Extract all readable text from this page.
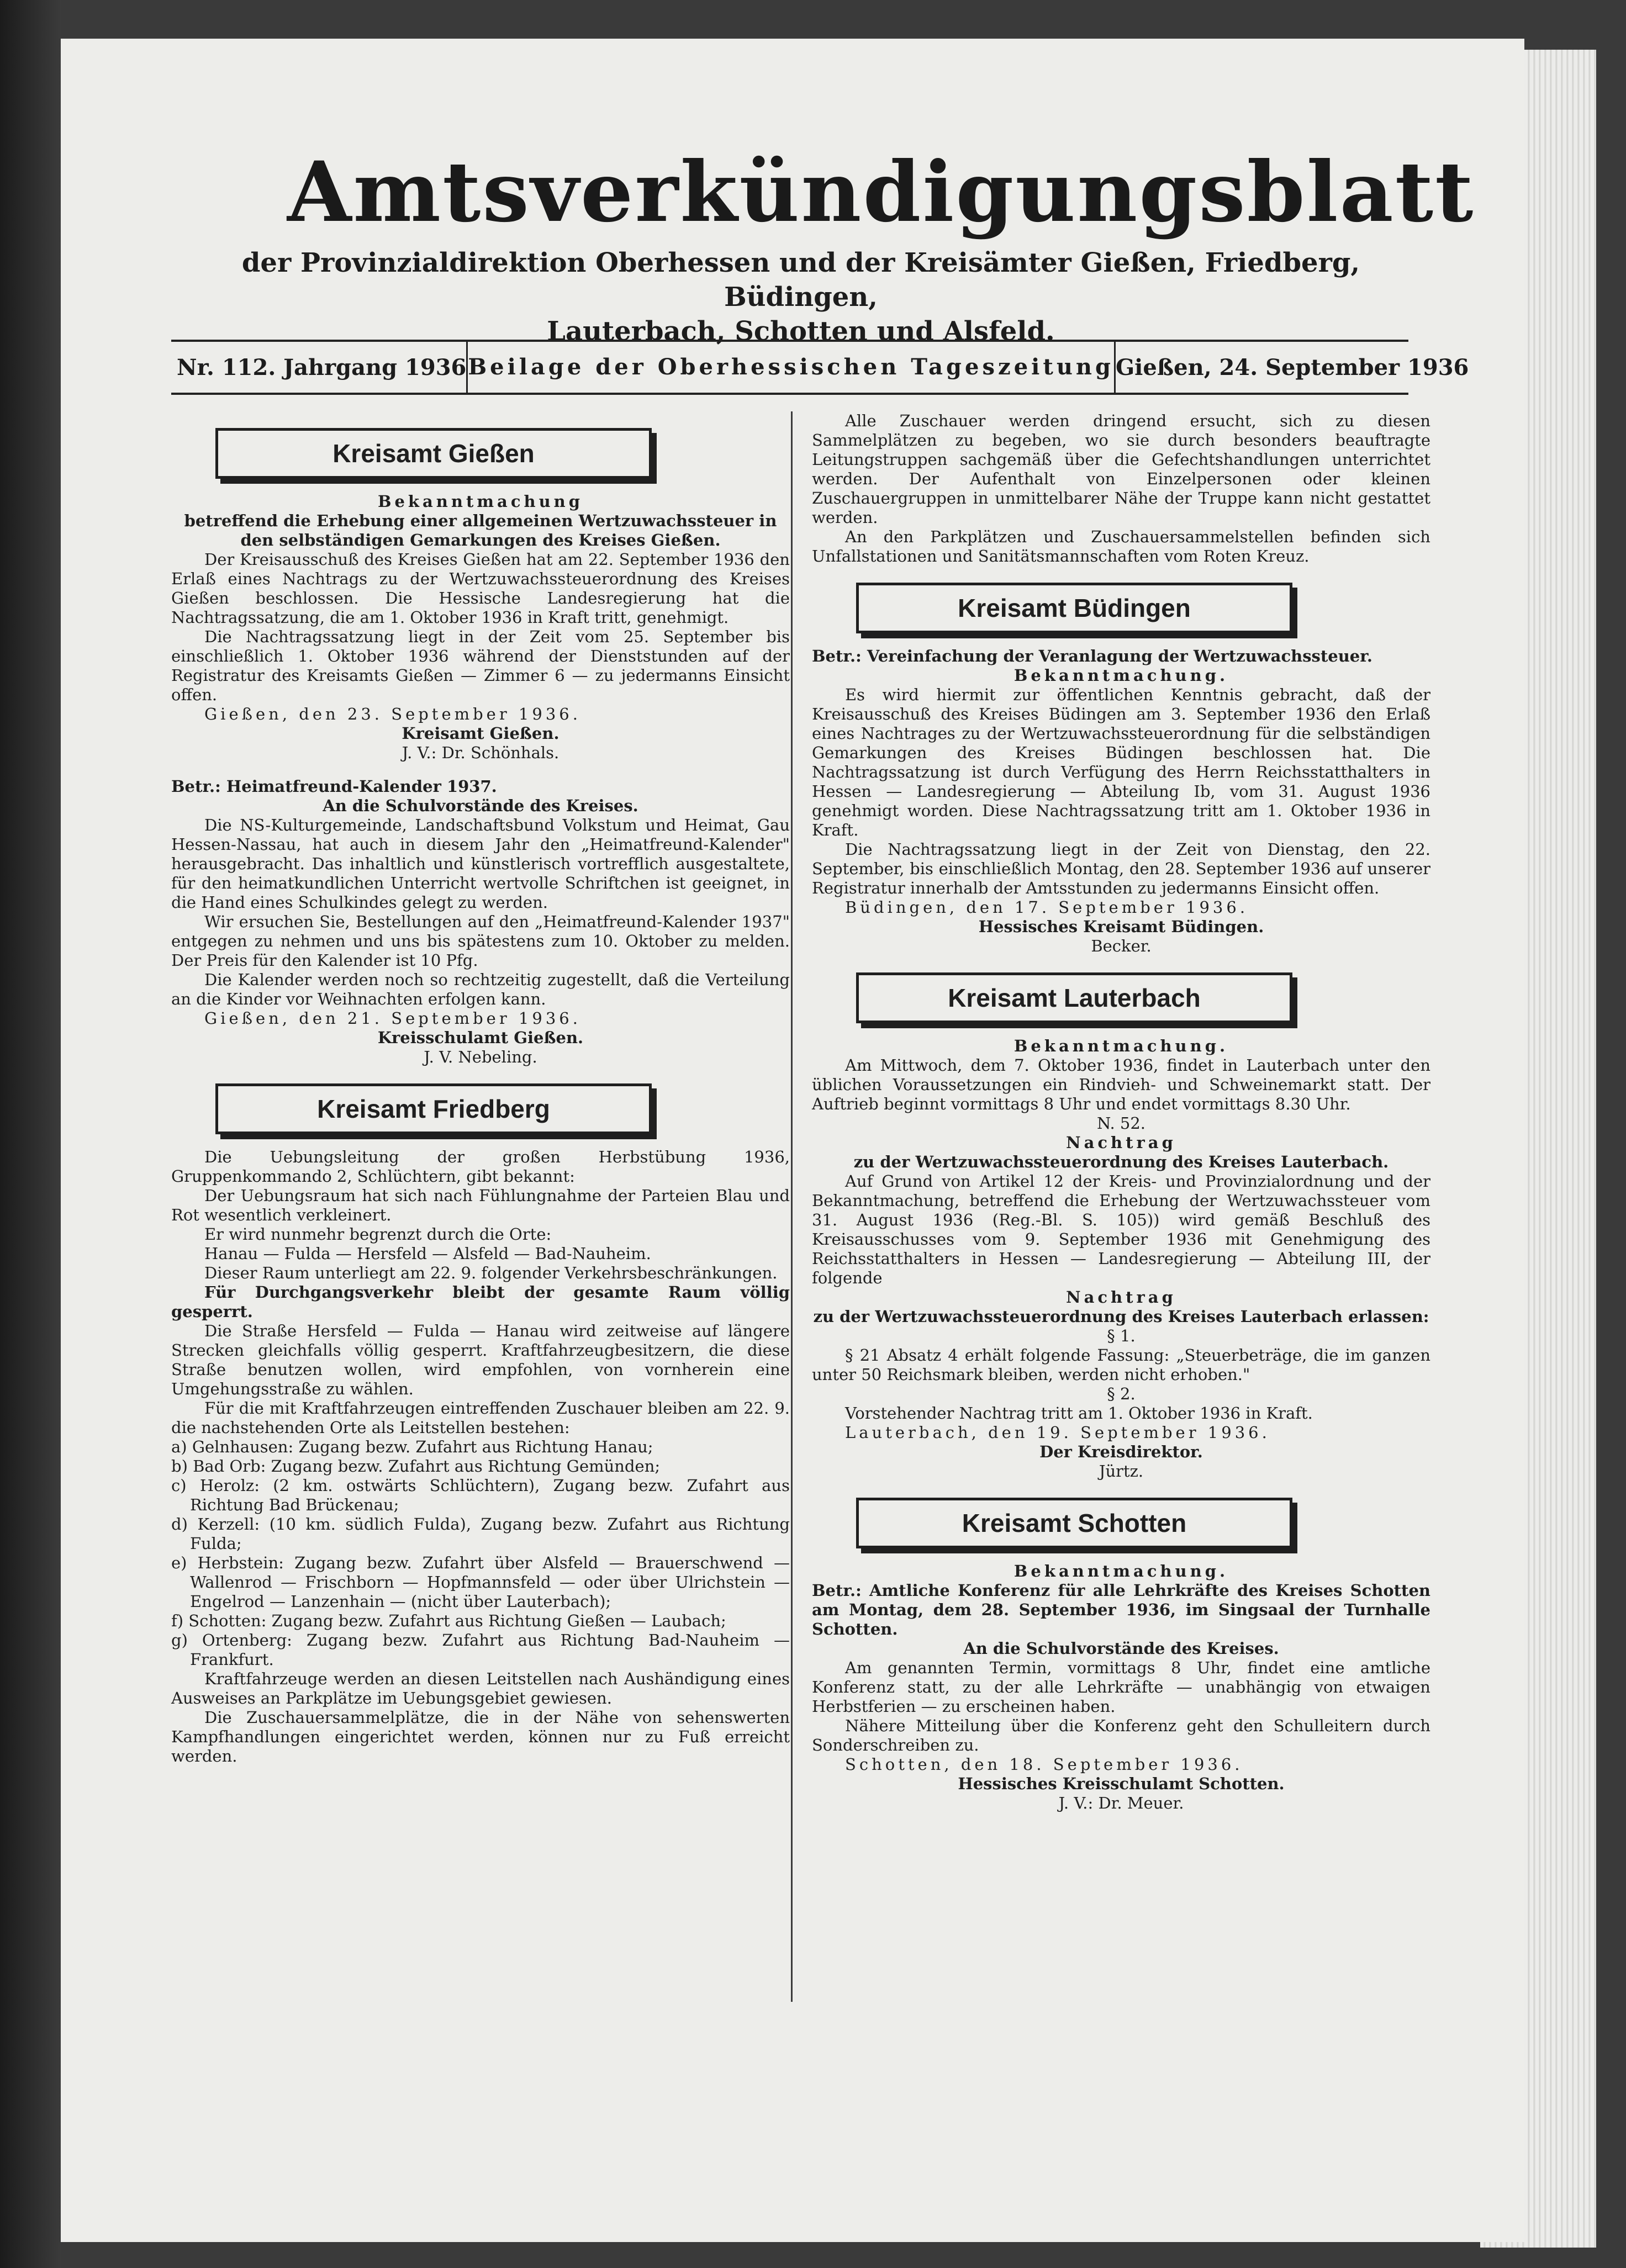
Amtsverkündigungsblatt
der Provinzialdirektion Oberhessen und der Kreisämter Gießen, Friedberg, Büdingen,
Lauterbach, Schotten und Alsfeld.
Nr. 112. Jahrgang 1936 Beilage der Oberhessischen Tageszeitung Gießen, 24. September 1936
Kreisamt Gießen

Bekanntmachung

betreffend die Erhebung einer allgemeinen Wertzuwachssteuer in den selbständigen Gemarkungen des Kreises Gießen.

Der Kreisausschuß des Kreises Gießen hat am 22. September 1936 den Erlaß eines Nachtrags zu der Wertzuwachssteuerordnung des Kreises Gießen beschlossen. Die Hessische Landesregierung hat die Nachtragssatzung, die am 1. Oktober 1936 in Kraft tritt, genehmigt.

Die Nachtragssatzung liegt in der Zeit vom 25. September bis einschließlich 1. Oktober 1936 während der Dienststunden auf der Registratur des Kreisamts Gießen — Zimmer 6 — zu jedermanns Einsicht offen.

Gießen, den 23. September 1936.

Kreisamt Gießen.

J. V.: Dr. Schönhals.

Betr.: Heimatfreund-Kalender 1937.

An die Schulvorstände des Kreises.

Die NS-Kulturgemeinde, Landschaftsbund Volkstum und Heimat, Gau Hessen-Nassau, hat auch in diesem Jahr den „Heimatfreund-Kalender" herausgebracht. Das inhaltlich und künstlerisch vortrefflich ausgestaltete, für den heimatkundlichen Unterricht wertvolle Schriftchen ist geeignet, in die Hand eines Schulkindes gelegt zu werden.

Wir ersuchen Sie, Bestellungen auf den „Heimatfreund-Kalender 1937" entgegen zu nehmen und uns bis spätestens zum 10. Oktober zu melden. Der Preis für den Kalender ist 10 Pfg.

Die Kalender werden noch so rechtzeitig zugestellt, daß die Verteilung an die Kinder vor Weihnachten erfolgen kann.

Gießen, den 21. September 1936.

Kreisschulamt Gießen.

J. V. Nebeling.

Kreisamt Friedberg

Die Uebungsleitung der großen Herbstübung 1936, Gruppenkommando 2, Schlüchtern, gibt bekannt:

Der Uebungsraum hat sich nach Fühlungnahme der Parteien Blau und Rot wesentlich verkleinert.

Er wird nunmehr begrenzt durch die Orte:

Hanau — Fulda — Hersfeld — Alsfeld — Bad-Nauheim.

Dieser Raum unterliegt am 22. 9. folgender Verkehrsbeschränkungen.

Für Durchgangsverkehr bleibt der gesamte Raum völlig gesperrt.

Die Straße Hersfeld — Fulda — Hanau wird zeitweise auf längere Strecken gleichfalls völlig gesperrt. Kraftfahrzeugbesitzern, die diese Straße benutzen wollen, wird empfohlen, von vornherein eine Umgehungsstraße zu wählen.

Für die mit Kraftfahrzeugen eintreffenden Zuschauer bleiben am 22. 9. die nachstehenden Orte als Leitstellen bestehen:

a) Gelnhausen: Zugang bezw. Zufahrt aus Richtung Hanau;

b) Bad Orb: Zugang bezw. Zufahrt aus Richtung Gemünden;

c) Herolz: (2 km. ostwärts Schlüchtern), Zugang bezw. Zufahrt aus Richtung Bad Brückenau;

d) Kerzell: (10 km. südlich Fulda), Zugang bezw. Zufahrt aus Richtung Fulda;

e) Herbstein: Zugang bezw. Zufahrt über Alsfeld — Brauerschwend — Wallenrod — Frischborn — Hopfmannsfeld — oder über Ulrichstein — Engelrod — Lanzenhain — (nicht über Lauterbach);

f) Schotten: Zugang bezw. Zufahrt aus Richtung Gießen — Laubach;

g) Ortenberg: Zugang bezw. Zufahrt aus Richtung Bad-Nauheim — Frankfurt.

Kraftfahrzeuge werden an diesen Leitstellen nach Aushändigung eines Ausweises an Parkplätze im Uebungsgebiet gewiesen.

Die Zuschauersammelplätze, die in der Nähe von sehenswerten Kampfhandlungen eingerichtet werden, können nur zu Fuß erreicht werden.

Alle Zuschauer werden dringend ersucht, sich zu diesen Sammelplätzen zu begeben, wo sie durch besonders beauftragte Leitungstruppen sachgemäß über die Gefechtshandlungen unterrichtet werden. Der Aufenthalt von Einzelpersonen oder kleinen Zuschauergruppen in unmittelbarer Nähe der Truppe kann nicht gestattet werden.

An den Parkplätzen und Zuschauersammelstellen befinden sich Unfallstationen und Sanitätsmannschaften vom Roten Kreuz.

Kreisamt Büdingen

Betr.: Vereinfachung der Veranlagung der Wertzuwachssteuer.

Bekanntmachung.

Es wird hiermit zur öffentlichen Kenntnis gebracht, daß der Kreisausschuß des Kreises Büdingen am 3. September 1936 den Erlaß eines Nachtrages zu der Wertzuwachssteuerordnung für die selbständigen Gemarkungen des Kreises Büdingen beschlossen hat. Die Nachtragssatzung ist durch Verfügung des Herrn Reichsstatthalters in Hessen — Landesregierung — Abteilung Ib, vom 31. August 1936 genehmigt worden. Diese Nachtragssatzung tritt am 1. Oktober 1936 in Kraft.

Die Nachtragssatzung liegt in der Zeit von Dienstag, den 22. September, bis einschließlich Montag, den 28. September 1936 auf unserer Registratur innerhalb der Amtsstunden zu jedermanns Einsicht offen.

Büdingen, den 17. September 1936.

Hessisches Kreisamt Büdingen.

Becker.

Kreisamt Lauterbach

Bekanntmachung.

Am Mittwoch, dem 7. Oktober 1936, findet in Lauterbach unter den üblichen Voraussetzungen ein Rindvieh- und Schweinemarkt statt. Der Auftrieb beginnt vormittags 8 Uhr und endet vormittags 8.30 Uhr.

N. 52.

Nachtrag

zu der Wertzuwachssteuerordnung des Kreises Lauterbach.

Auf Grund von Artikel 12 der Kreis- und Provinzialordnung und der Bekanntmachung, betreffend die Erhebung der Wertzuwachssteuer vom 31. August 1936 (Reg.-Bl. S. 105)) wird gemäß Beschluß des Kreisausschusses vom 9. September 1936 mit Genehmigung des Reichsstatthalters in Hessen — Landesregierung — Abteilung III, der folgende

Nachtrag

zu der Wertzuwachssteuerordnung des Kreises Lauterbach erlassen:

§ 1.

§ 21 Absatz 4 erhält folgende Fassung: „Steuerbeträge, die im ganzen unter 50 Reichsmark bleiben, werden nicht erhoben."

§ 2.

Vorstehender Nachtrag tritt am 1. Oktober 1936 in Kraft.

Lauterbach, den 19. September 1936.

Der Kreisdirektor.

Jürtz.

Kreisamt Schotten

Bekanntmachung.

Betr.: Amtliche Konferenz für alle Lehrkräfte des Kreises Schotten am Montag, dem 28. September 1936, im Singsaal der Turnhalle Schotten.

An die Schulvorstände des Kreises.

Am genannten Termin, vormittags 8 Uhr, findet eine amtliche Konferenz statt, zu der alle Lehrkräfte — unabhängig von etwaigen Herbstferien — zu erscheinen haben.

Nähere Mitteilung über die Konferenz geht den Schulleitern durch Sonderschreiben zu.

Schotten, den 18. September 1936.

Hessisches Kreisschulamt Schotten.

J. V.: Dr. Meuer.
